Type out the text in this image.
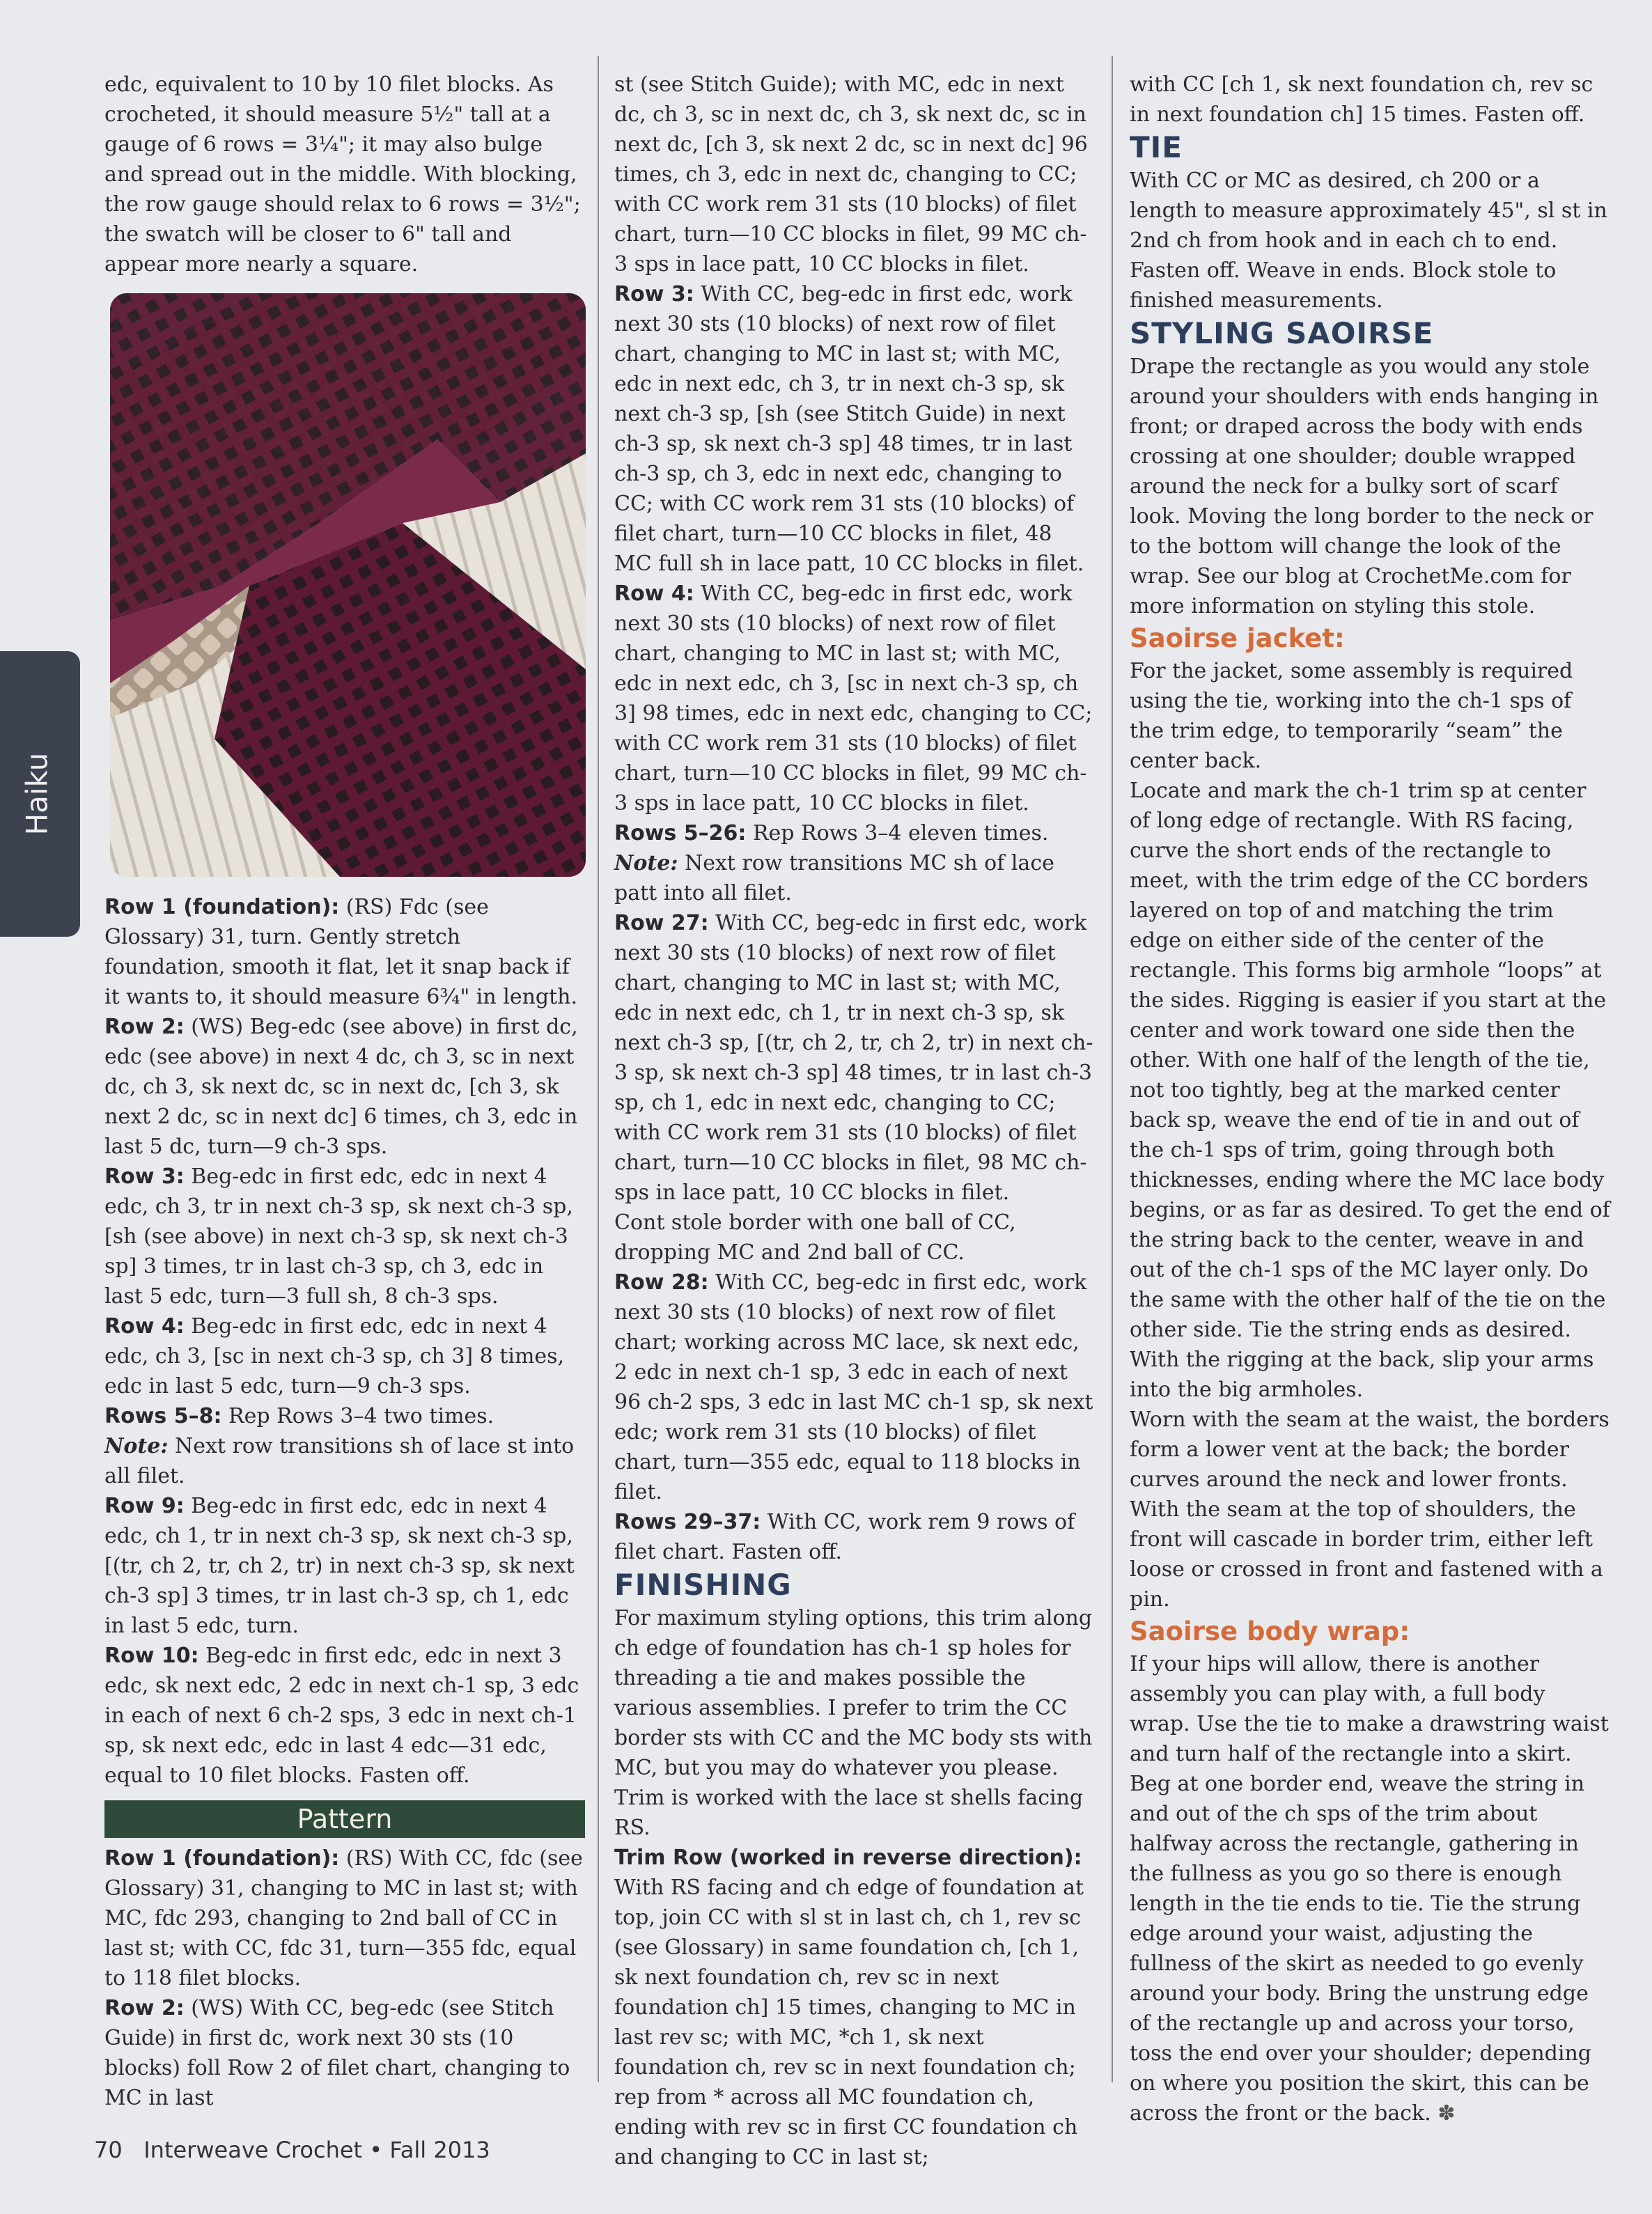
Haiku

edc, equivalent to 10 by 10 filet blocks. As crocheted, it should measure 5½" tall at a gauge of 6 rows = 3¼"; it may also bulge and spread out in the middle. With blocking, the row gauge should relax to 6 rows = 3½"; the swatch will be closer to 6" tall and appear more nearly a square.

Row 1 (foundation): (RS) Fdc (see Glossary) 31, turn. Gently stretch foundation, smooth it flat, let it snap back if it wants to, it should measure 6¾" in length.

Row 2: (WS) Beg-edc (see above) in first dc, edc (see above) in next 4 dc, ch 3, sc in next dc, ch 3, sk next dc, sc in next dc, [ch 3, sk next 2 dc, sc in next dc] 6 times, ch 3, edc in last 5 dc, turn—9 ch-3 sps.

Row 3: Beg-edc in first edc, edc in next 4 edc, ch 3, tr in next ch-3 sp, sk next ch-3 sp, [sh (see above) in next ch-3 sp, sk next ch-3 sp] 3 times, tr in last ch-3 sp, ch 3, edc in last 5 edc, turn—3 full sh, 8 ch-3 sps.

Row 4: Beg-edc in first edc, edc in next 4 edc, ch 3, [sc in next ch-3 sp, ch 3] 8 times, edc in last 5 edc, turn—9 ch-3 sps.

Rows 5–8: Rep Rows 3–4 two times.

Note: Next row transitions sh of lace st into all filet.

Row 9: Beg-edc in first edc, edc in next 4 edc, ch 1, tr in next ch-3 sp, sk next ch-3 sp, [(tr, ch 2, tr, ch 2, tr) in next ch-3 sp, sk next ch-3 sp] 3 times, tr in last ch-3 sp, ch 1, edc in last 5 edc, turn.

Row 10: Beg-edc in first edc, edc in next 3 edc, sk next edc, 2 edc in next ch-1 sp, 3 edc in each of next 6 ch-2 sps, 3 edc in next ch-1 sp, sk next edc, edc in last 4 edc—31 edc, equal to 10 filet blocks. Fasten off.

Pattern

Row 1 (foundation): (RS) With CC, fdc (see Glossary) 31, changing to MC in last st; with MC, fdc 293, changing to 2nd ball of CC in last st; with CC, fdc 31, turn—355 fdc, equal to 118 filet blocks.

Row 2: (WS) With CC, beg-edc (see Stitch Guide) in first dc, work next 30 sts (10 blocks) foll Row 2 of filet chart, changing to MC in last

st (see Stitch Guide); with MC, edc in next dc, ch 3, sc in next dc, ch 3, sk next dc, sc in next dc, [ch 3, sk next 2 dc, sc in next dc] 96 times, ch 3, edc in next dc, changing to CC; with CC work rem 31 sts (10 blocks) of filet chart, turn—10 CC blocks in filet, 99 MC ch-3 sps in lace patt, 10 CC blocks in filet.

Row 3: With CC, beg-edc in first edc, work next 30 sts (10 blocks) of next row of filet chart, changing to MC in last st; with MC, edc in next edc, ch 3, tr in next ch-3 sp, sk next ch-3 sp, [sh (see Stitch Guide) in next ch-3 sp, sk next ch-3 sp] 48 times, tr in last ch-3 sp, ch 3, edc in next edc, changing to CC; with CC work rem 31 sts (10 blocks) of filet chart, turn—10 CC blocks in filet, 48 MC full sh in lace patt, 10 CC blocks in filet.

Row 4: With CC, beg-edc in first edc, work next 30 sts (10 blocks) of next row of filet chart, changing to MC in last st; with MC, edc in next edc, ch 3, [sc in next ch-3 sp, ch 3] 98 times, edc in next edc, changing to CC; with CC work rem 31 sts (10 blocks) of filet chart, turn—10 CC blocks in filet, 99 MC ch-3 sps in lace patt, 10 CC blocks in filet.

Rows 5–26: Rep Rows 3–4 eleven times.

Note: Next row transitions MC sh of lace patt into all filet.

Row 27: With CC, beg-edc in first edc, work next 30 sts (10 blocks) of next row of filet chart, changing to MC in last st; with MC, edc in next edc, ch 1, tr in next ch-3 sp, sk next ch-3 sp, [(tr, ch 2, tr, ch 2, tr) in next ch-3 sp, sk next ch-3 sp] 48 times, tr in last ch-3 sp, ch 1, edc in next edc, changing to CC; with CC work rem 31 sts (10 blocks) of filet chart, turn—10 CC blocks in filet, 98 MC ch-sps in lace patt, 10 CC blocks in filet.

Cont stole border with one ball of CC, dropping MC and 2nd ball of CC.

Row 28: With CC, beg-edc in first edc, work next 30 sts (10 blocks) of next row of filet chart; working across MC lace, sk next edc, 2 edc in next ch-1 sp, 3 edc in each of next 96 ch-2 sps, 3 edc in last MC ch-1 sp, sk next edc; work rem 31 sts (10 blocks) of filet chart, turn—355 edc, equal to 118 blocks in filet.

Rows 29–37: With CC, work rem 9 rows of filet chart. Fasten off.

FINISHING

For maximum styling options, this trim along ch edge of foundation has ch-1 sp holes for threading a tie and makes possible the various assemblies. I prefer to trim the CC border sts with CC and the MC body sts with MC, but you may do whatever you please. Trim is worked with the lace st shells facing RS.

Trim Row (worked in reverse direction): With RS facing and ch edge of foundation at top, join CC with sl st in last ch, ch 1, rev sc (see Glossary) in same foundation ch, [ch 1, sk next foundation ch, rev sc in next foundation ch] 15 times, changing to MC in last rev sc; with MC, *ch 1, sk next foundation ch, rev sc in next foundation ch; rep from * across all MC foundation ch, ending with rev sc in first CC foundation ch and changing to CC in last st;

with CC [ch 1, sk next foundation ch, rev sc in next foundation ch] 15 times. Fasten off.

TIE

With CC or MC as desired, ch 200 or a length to measure approximately 45", sl st in 2nd ch from hook and in each ch to end. Fasten off. Weave in ends. Block stole to finished measurements.

STYLING SAOIRSE

Drape the rectangle as you would any stole around your shoulders with ends hanging in front; or draped across the body with ends crossing at one shoulder; double wrapped around the neck for a bulky sort of scarf look. Moving the long border to the neck or to the bottom will change the look of the wrap. See our blog at CrochetMe.com for more information on styling this stole.

Saoirse jacket:

For the jacket, some assembly is required using the tie, working into the ch-1 sps of the trim edge, to temporarily “seam” the center back.

Locate and mark the ch-1 trim sp at center of long edge of rectangle. With RS facing, curve the short ends of the rectangle to meet, with the trim edge of the CC borders layered on top of and matching the trim edge on either side of the center of the rectangle. This forms big armhole “loops” at the sides. Rigging is easier if you start at the center and work toward one side then the other. With one half of the length of the tie, not too tightly, beg at the marked center back sp, weave the end of tie in and out of the ch-1 sps of trim, going through both thicknesses, ending where the MC lace body begins, or as far as desired. To get the end of the string back to the center, weave in and out of the ch-1 sps of the MC layer only. Do the same with the other half of the tie on the other side. Tie the string ends as desired. With the rigging at the back, slip your arms into the big armholes.

Worn with the seam at the waist, the borders form a lower vent at the back; the border curves around the neck and lower fronts. With the seam at the top of shoulders, the front will cascade in border trim, either left loose or crossed in front and fastened with a pin.

Saoirse body wrap:

If your hips will allow, there is another assembly you can play with, a full body wrap. Use the tie to make a drawstring waist and turn half of the rectangle into a skirt. Beg at one border end, weave the string in and out of the ch sps of the trim about halfway across the rectangle, gathering in the fullness as you go so there is enough length in the tie ends to tie. Tie the strung edge around your waist, adjusting the fullness of the skirt as needed to go evenly around your body. Bring the unstrung edge of the rectangle up and across your torso, toss the end over your shoulder; depending on where you position the skirt, this can be across the front or the back. ✽

70 Interweave Crochet • Fall 2013
